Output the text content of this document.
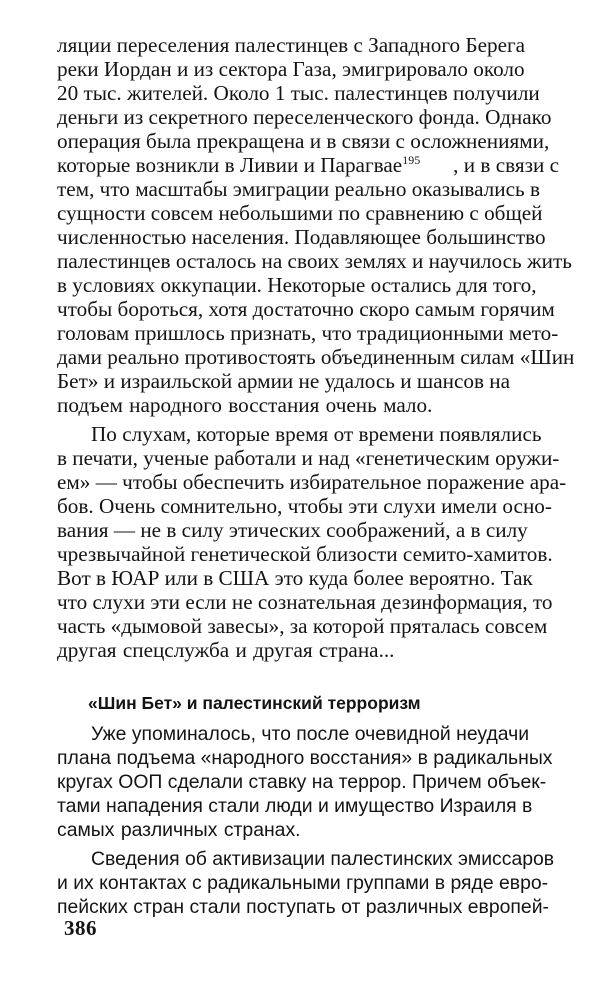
ляции переселения палестинцев с Западного Берега
реки Иордан и из сектора Газа, эмигрировало около
20 тыс. жителей. Около 1 тыс. палестинцев получили
деньги из секретного переселенческого фонда. Однако
операция была прекращена и в связи с осложнениями,
которые возникли в Ливии и Парагвае$^{195}$ , и в связи с
тем, что масштабы эмиграции реально оказывались в
сущности совсем небольшими по сравнению с общей
численностью населения. Подавляющее большинство
палестинцев осталось на своих землях и научилось жить
в условиях оккупации. Некоторые остались для того,
чтобы бороться, хотя достаточно скоро самым горячим
головам пришлось признать, что традиционными мето-
дами реально противостоять объединенным силам «Шин
Бет» и израильской армии не удалось и шансов на
подъем народного восстания очень мало.
По слухам, которые время от времени появлялись
в печати, ученые работали и над «генетическим оружи-
ем» — чтобы обеспечить избирательное поражение ара-
бов. Очень сомнительно, чтобы эти слухи имели осно-
вания — не в силу этических соображений, а в силу
чрезвычайной генетической близости семито-хамитов.
Вот в ЮАР или в США это куда более вероятно. Так
что слухи эти если не сознательная дезинформация, то
часть «дымовой завесы», за которой пряталась совсем
другая спецслужба и другая страна...
«Шин Бет» и палестинский терроризм
Уже упоминалось, что после очевидной неудачи
плана подъема «народного восстания» в радикальных
кругах ООП сделали ставку на террор. Причем объек-
тами нападения стали люди и имущество Израиля в
самых различных странах.
Сведения об активизации палестинских эмиссаров
и их контактах с радикальными группами в ряде евро-
пейских стран стали поступать от различных европей-
386
